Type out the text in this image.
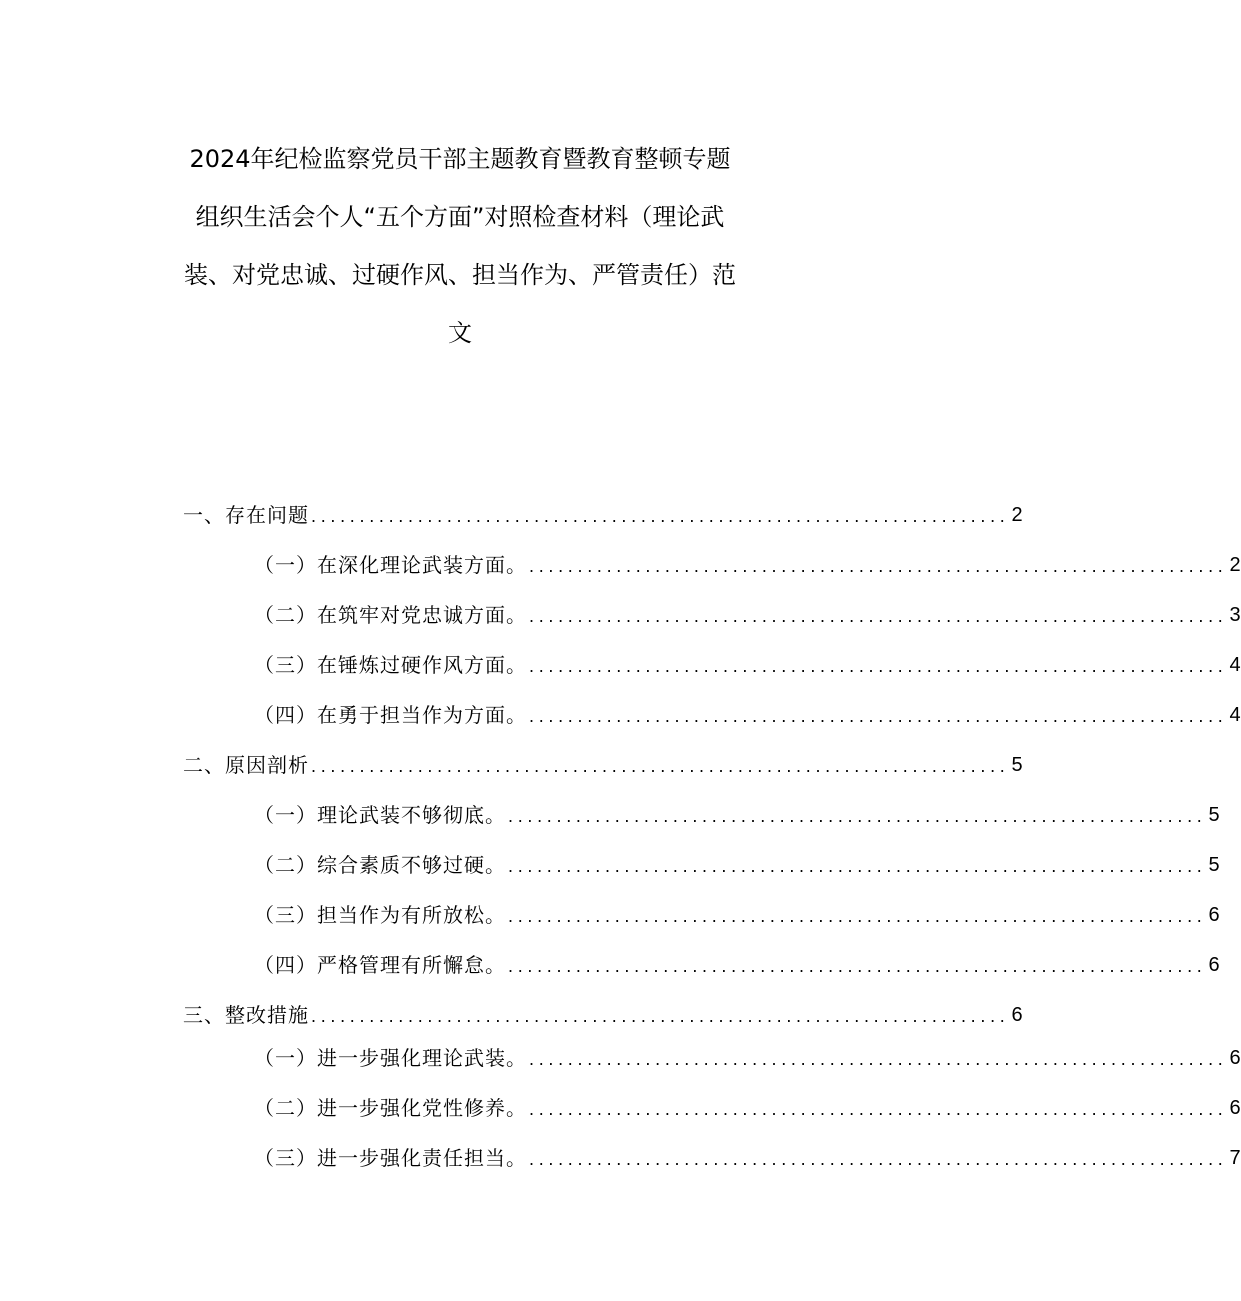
2024年纪检监察党员干部主题教育暨教育整顿专题
组织生活会个人“五个方面”对照检查材料（理论武
装、对党忠诚、过硬作风、担当作为、严管责任）范
文
一、存在问题 ........................................................................ 2
（一）在深化理论武装方面。 ........................................................................ 2
（二）在筑牢对党忠诚方面。 ........................................................................ 3
（三）在锤炼过硬作风方面。 ........................................................................ 4
（四）在勇于担当作为方面。 ........................................................................ 4
二、原因剖析 ........................................................................ 5
（一）理论武装不够彻底。 ........................................................................ 5
（二）综合素质不够过硬。 ........................................................................ 5
（三）担当作为有所放松。 ........................................................................ 6
（四）严格管理有所懈怠。 ........................................................................ 6
三、整改措施 ........................................................................ 6
（一）进一步强化理论武装。 ........................................................................ 6
（二）进一步强化党性修养。 ........................................................................ 6
（三）进一步强化责任担当。 ........................................................................ 7
